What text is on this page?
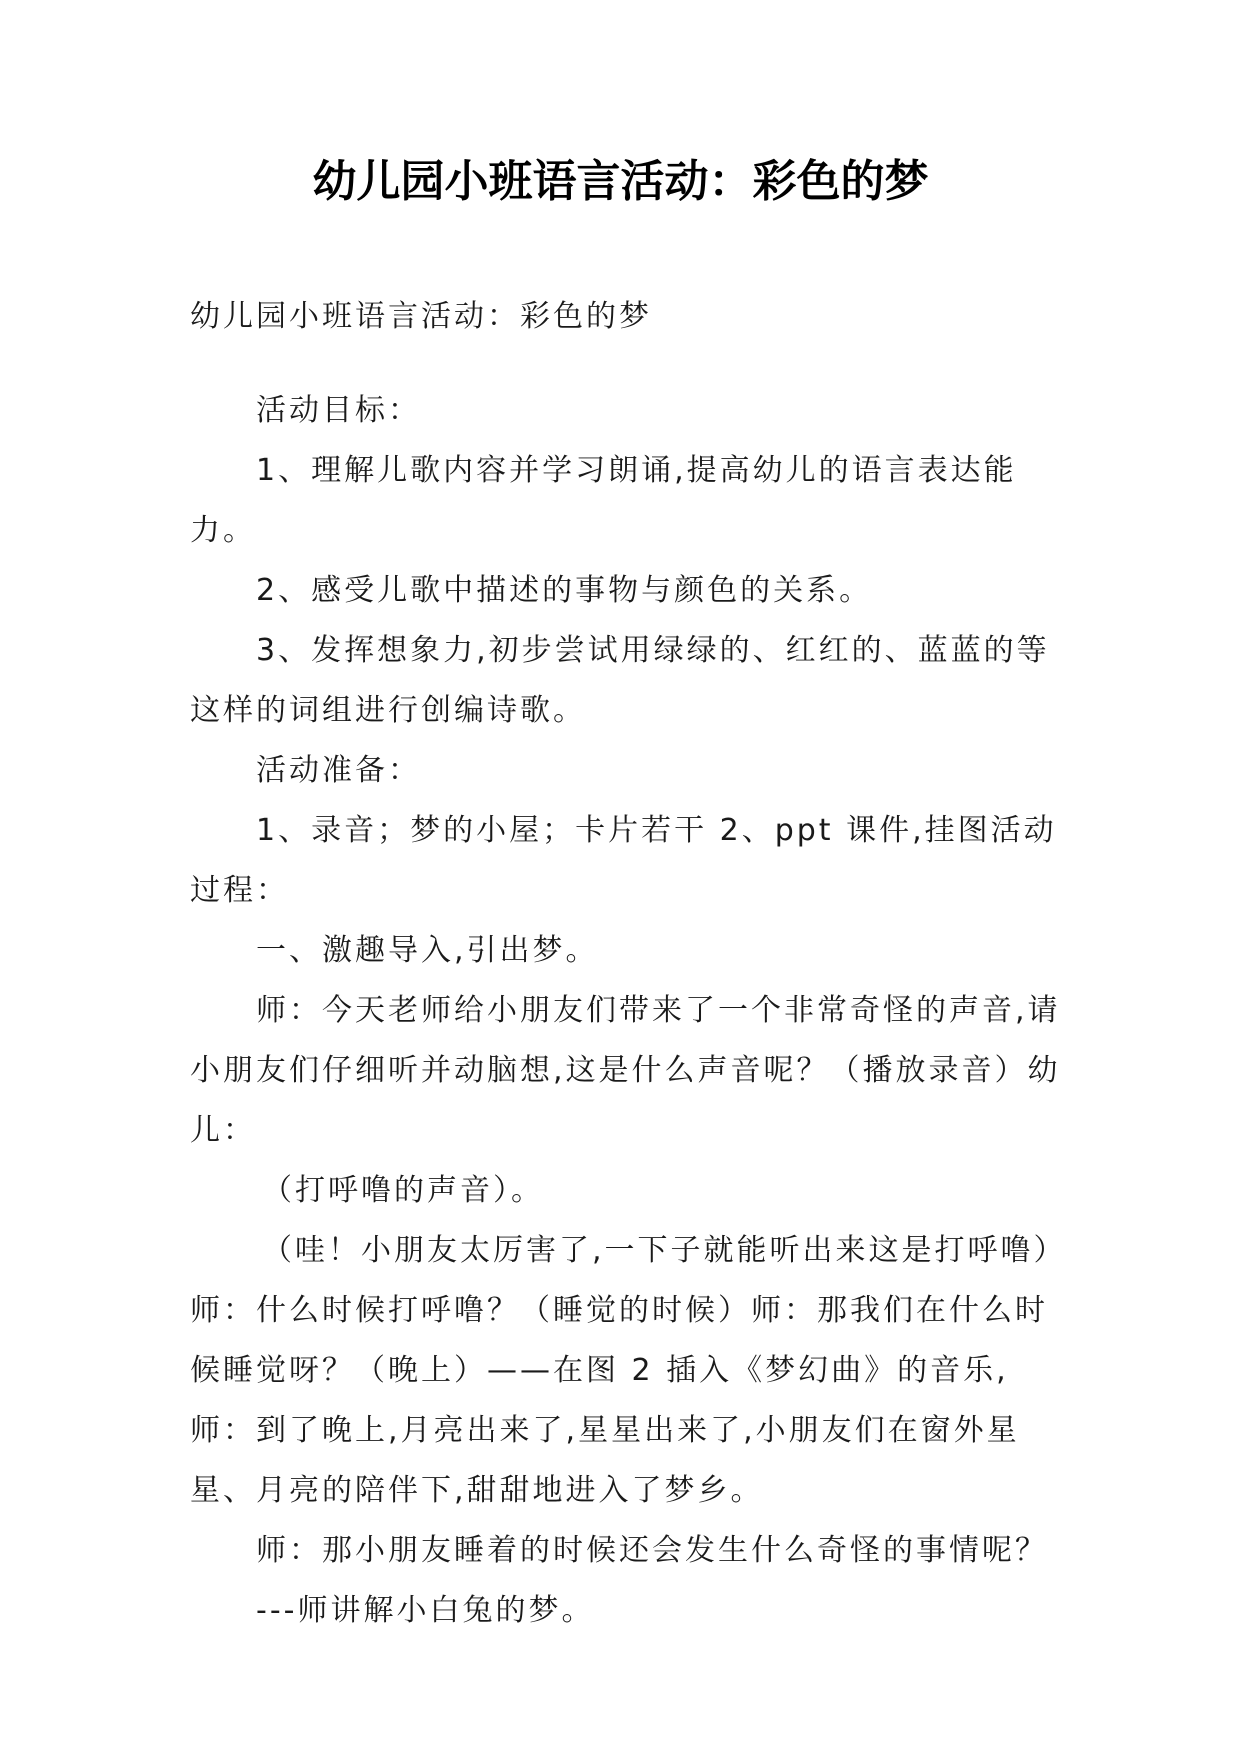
幼儿园小班语言活动：彩色的梦

幼儿园小班语言活动：彩色的梦

活动目标：

1、理解儿歌内容并学习朗诵,提高幼儿的语言表达能力。

2、感受儿歌中描述的事物与颜色的关系。

3、发挥想象力,初步尝试用绿绿的、红红的、蓝蓝的等这样的词组进行创编诗歌。

活动准备：

1、录音；梦的小屋；卡片若干 2、ppt 课件,挂图活动过程：

一、激趣导入,引出梦。

师：今天老师给小朋友们带来了一个非常奇怪的声音,请小朋友们仔细听并动脑想,这是什么声音呢？（播放录音）幼儿：

（打呼噜的声音）。

（哇！小朋友太厉害了,一下子就能听出来这是打呼噜）师：什么时候打呼噜？（睡觉的时候）师：那我们在什么时候睡觉呀？（晚上）——在图 2 插入《梦幻曲》的音乐,师：到了晚上,月亮出来了,星星出来了,小朋友们在窗外星星、月亮的陪伴下,甜甜地进入了梦乡。

师：那小朋友睡着的时候还会发生什么奇怪的事情呢？

---师讲解小白兔的梦。
